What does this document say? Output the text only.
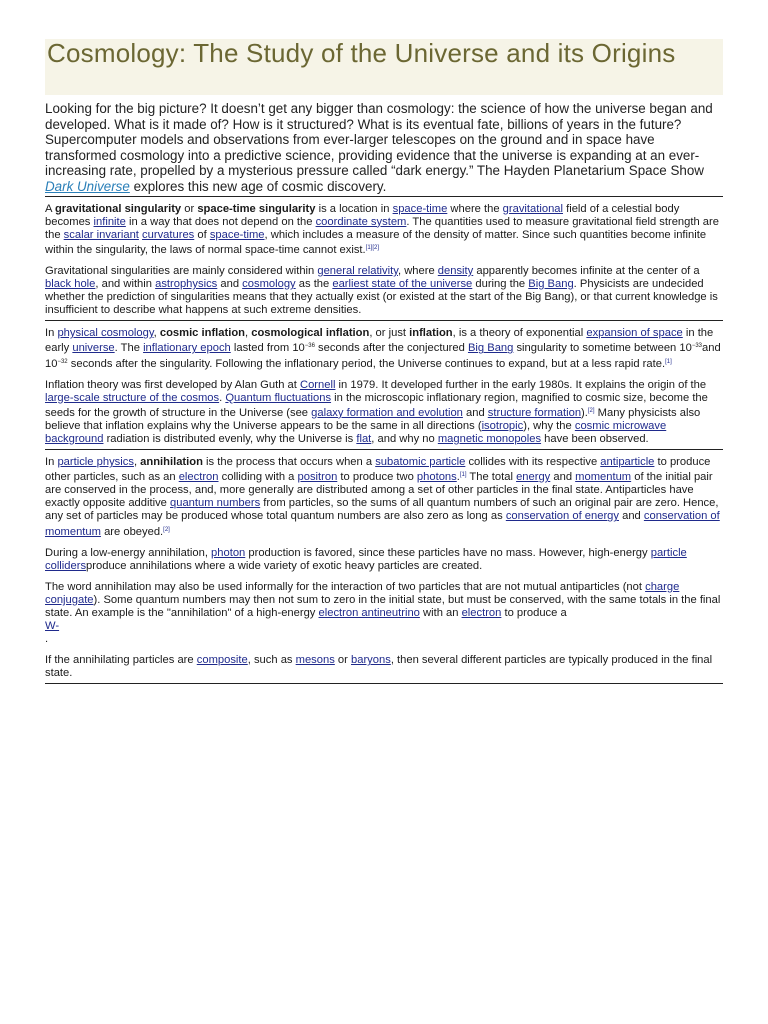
Cosmology: The Study of the Universe and its Origins

Looking for the big picture? It doesn’t get any bigger than cosmology: the science of how the universe began and developed. What is it made of? How is it structured? What is its eventual fate, billions of years in the future? Supercomputer models and observations from ever-larger telescopes on the ground and in space have transformed cosmology into a predictive science, providing evidence that the universe is expanding at an ever-increasing rate, propelled by a mysterious pressure called “dark energy.” The Hayden Planetarium Space Show Dark Universe explores this new age of cosmic discovery.

A gravitational singularity or space-time singularity is a location in space-time where the gravitational field of a celestial body becomes infinite in a way that does not depend on the coordinate system. The quantities used to measure gravitational field strength are the scalar invariant curvatures of space-time, which includes a measure of the density of matter. Since such quantities become infinite within the singularity, the laws of normal space-time cannot exist.[1][2]

Gravitational singularities are mainly considered within general relativity, where density apparently becomes infinite at the center of a black hole, and within astrophysics and cosmology as the earliest state of the universe during the Big Bang. Physicists are undecided whether the prediction of singularities means that they actually exist (or existed at the start of the Big Bang), or that current knowledge is insufficient to describe what happens at such extreme densities.

In physical cosmology, cosmic inflation, cosmological inflation, or just inflation, is a theory of exponential expansion of space in the early universe. The inflationary epoch lasted from $10^{-36}$ seconds after the conjectured Big Bang singularity to sometime between $10^{-33}and$ $10^{-32}$ seconds after the singularity. Following the inflationary period, the Universe continues to expand, but at a less rapid rate.[1]

Inflation theory was first developed by Alan Guth at Cornell in 1979. It developed further in the early 1980s. It explains the origin of the large-scale structure of the cosmos. Quantum fluctuations in the microscopic inflationary region, magnified to cosmic size, become the seeds for the growth of structure in the Universe (see galaxy formation and evolution and structure formation).[2] Many physicists also believe that inflation explains why the Universe appears to be the same in all directions (isotropic), why the cosmic microwave background radiation is distributed evenly, why the Universe is flat, and why no magnetic monopoles have been observed.

In particle physics, annihilation is the process that occurs when a subatomic particle collides with its respective antiparticle to produce other particles, such as an electron colliding with a positron to produce two photons.[1] The total energy and momentum of the initial pair are conserved in the process, and, more generally are distributed among a set of other particles in the final state. Antiparticles have exactly opposite additive quantum numbers from particles, so the sums of all quantum numbers of such an original pair are zero. Hence, any set of particles may be produced whose total quantum numbers are also zero as long as conservation of energy and conservation of momentum are obeyed.[2]

During a low-energy annihilation, photon production is favored, since these particles have no mass. However, high-energy particle collidersproduce annihilations where a wide variety of exotic heavy particles are created.

The word annihilation may also be used informally for the interaction of two particles that are not mutual antiparticles (not charge conjugate). Some quantum numbers may then not sum to zero in the initial state, but must be conserved, with the same totals in the final state. An example is the "annihilation" of a high-energy electron antineutrino with an electron to produce a
W-
.

If the annihilating particles are composite, such as mesons or baryons, then several different particles are typically produced in the final state.
